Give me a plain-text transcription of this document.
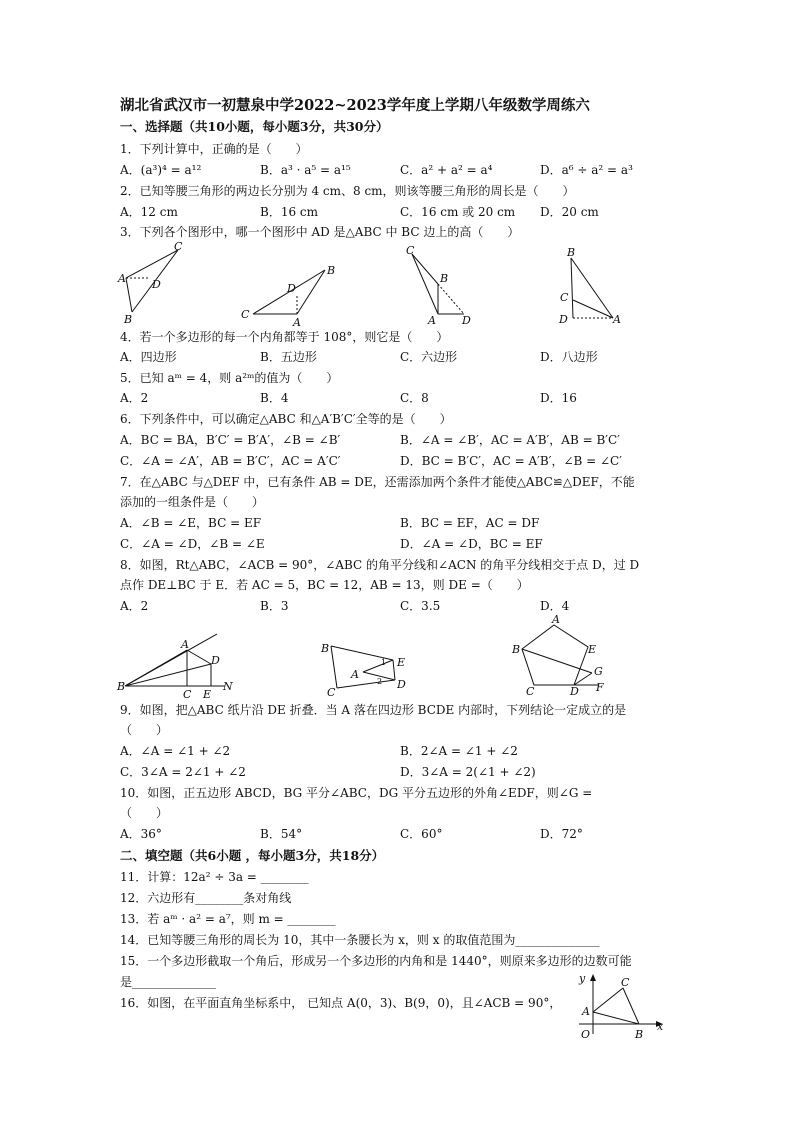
湖北省武汉市一初慧泉中学2022~2023学年度上学期八年级数学周练六
一、选择题（共10小题，每小题3分，共30分）
1．下列计算中，正确的是（　　）
A．(a³)⁴ = a¹²	B．a³ · a⁵ = a¹⁵	C．a² + a² = a⁴	D．a⁶ ÷ a² = a³
2．已知等腰三角形的两边长分别为 4 cm、8 cm，则该等腰三角形的周长是（　　）
A．12 cm	B．16 cm	C．16 cm 或 20 cm D．20 cm
3．下列各个图形中，哪一个图形中 AD 是△ABC 中 BC 边上的高（　　）
C
A D
B
B
D
C
A
C
B
A D
B
C
D	A
4．若一个多边形的每一个内角都等于 108°，则它是（　　）
A．四边形	B．五边形	C．六边形	D．八边形
5．已知 aᵐ = 4，则 a²ᵐ的值为（　　）
A．2	B．4	C．8	D．16
6．下列条件中，可以确定△ABC 和△A′B′C′全等的是（　　）
A．BC = BA，B′C′ = B′A′，∠B = ∠B′	B．∠A = ∠B′，AC = A′B′，AB = B′C′
C．∠A = ∠A′，AB = B′C′，AC = A′C′	D．BC = B′C′，AC = A′B′，∠B = ∠C′
7．在△ABC 与△DEF 中，已有条件 AB = DE，还需添加两个条件才能使△ABC≌△DEF，不能
添加的一组条件是（　　）
A．∠B = ∠E，BC = EF	B．BC = EF，AC = DF
C．∠A = ∠D，∠B = ∠E	D．∠A = ∠D，BC = EF
8．如图，Rt△ABC，∠ACB = 90°，∠ABC 的角平分线和∠ACN 的角平分线相交于点 D，过 D
点作 DE⊥BC 于 E．若 AC = 5，BC = 12，AB = 13，则 DE =（　　）
A．2	B．3	C．3.5	D．4
A
D
B
C E
N
B
E
A
D
C
1
2
A
B	E
G
C	D F
9．如图，把△ABC 纸片沿 DE 折叠．当 A 落在四边形 BCDE 内部时，下列结论一定成立的是
（　　）
A．∠A = ∠1 + ∠2	B．2∠A = ∠1 + ∠2
C．3∠A = 2∠1 + ∠2	D．3∠A = 2(∠1 + ∠2)
10．如图，正五边形 ABCD，BG 平分∠ABC，DG 平分五边形的外角∠EDF，则∠G =
（　　）
A．36°	B．54°	C．60°	D．72°
二、填空题（共6小题 ，每小题3分，共18分）
11．计算：12a² ÷ 3a = ________
12．六边形有________条对角线
13．若 aᵐ · a² = a⁷，则 m = ________
14．已知等腰三角形的周长为 10，其中一条腰长为 x，则 x 的取值范围为______________
15．一个多边形截取一个角后，形成另一个多边形的内角和是 1440°，则原来多边形的边数可能
是______________
16．如图，在平面直角坐标系中， 已知点 A(0，3)、B(9，0)，且∠ACB = 90°，
y	C
A
O	B
x
